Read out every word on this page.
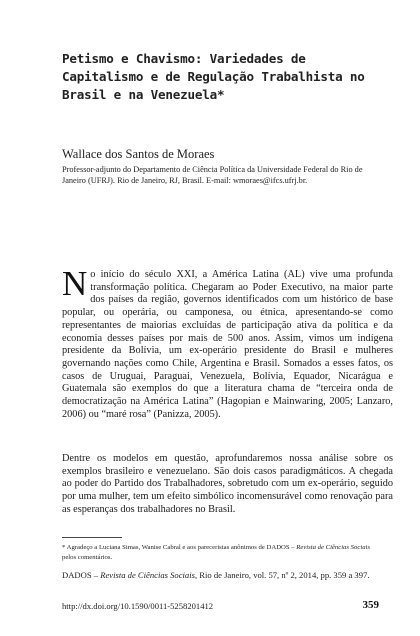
Petismo e Chavismo: Variedades de Capitalismo e de Regulação Trabalhista no Brasil e na Venezuela*
Wallace dos Santos de Moraes
Professor-adjunto do Departamento de Ciência Política da Universidade Federal do Rio de Janeiro (UFRJ). Rio de Janeiro, RJ, Brasil. E-mail: wmoraes@ifcs.ufrj.br.
No início do século XXI, a América Latina (AL) vive uma profunda transformação política. Chegaram ao Poder Executivo, na maior parte dos países da região, governos identificados com um histórico de base popular, ou operária, ou camponesa, ou étnica, apresentando-se como representantes de maiorias excluídas de participação ativa da política e da economia desses países por mais de 500 anos. Assim, vimos um indígena presidente da Bolívia, um ex-operário presidente do Brasil e mulheres governando nações como Chile, Argentina e Brasil. Somados a esses fatos, os casos de Uruguai, Paraguai, Venezuela, Bolívia, Equador, Nicarágua e Guatemala são exemplos do que a literatura chama de “terceira onda de democratização na América Latina” (Hagopian e Mainwaring, 2005; Lanzaro, 2006) ou “maré rosa” (Panizza, 2005).
Dentre os modelos em questão, aprofundaremos nossa análise sobre os exemplos brasileiro e venezuelano. São dois casos paradigmáticos. A chegada ao poder do Partido dos Trabalhadores, sobretudo com um ex-operário, seguido por uma mulher, tem um efeito simbólico incomensurável como renovação para as esperanças dos trabalhadores no Brasil.
* Agradeço a Luciana Simas, Wanise Cabral e aos pareceristas anônimos de DADOS – Revista de Ciências Sociais pelos comentários.
DADOS – Revista de Ciências Sociais, Rio de Janeiro, vol. 57, nº 2, 2014, pp. 359 a 397.
http://dx.doi.org/10.1590/0011-5258201412	359
